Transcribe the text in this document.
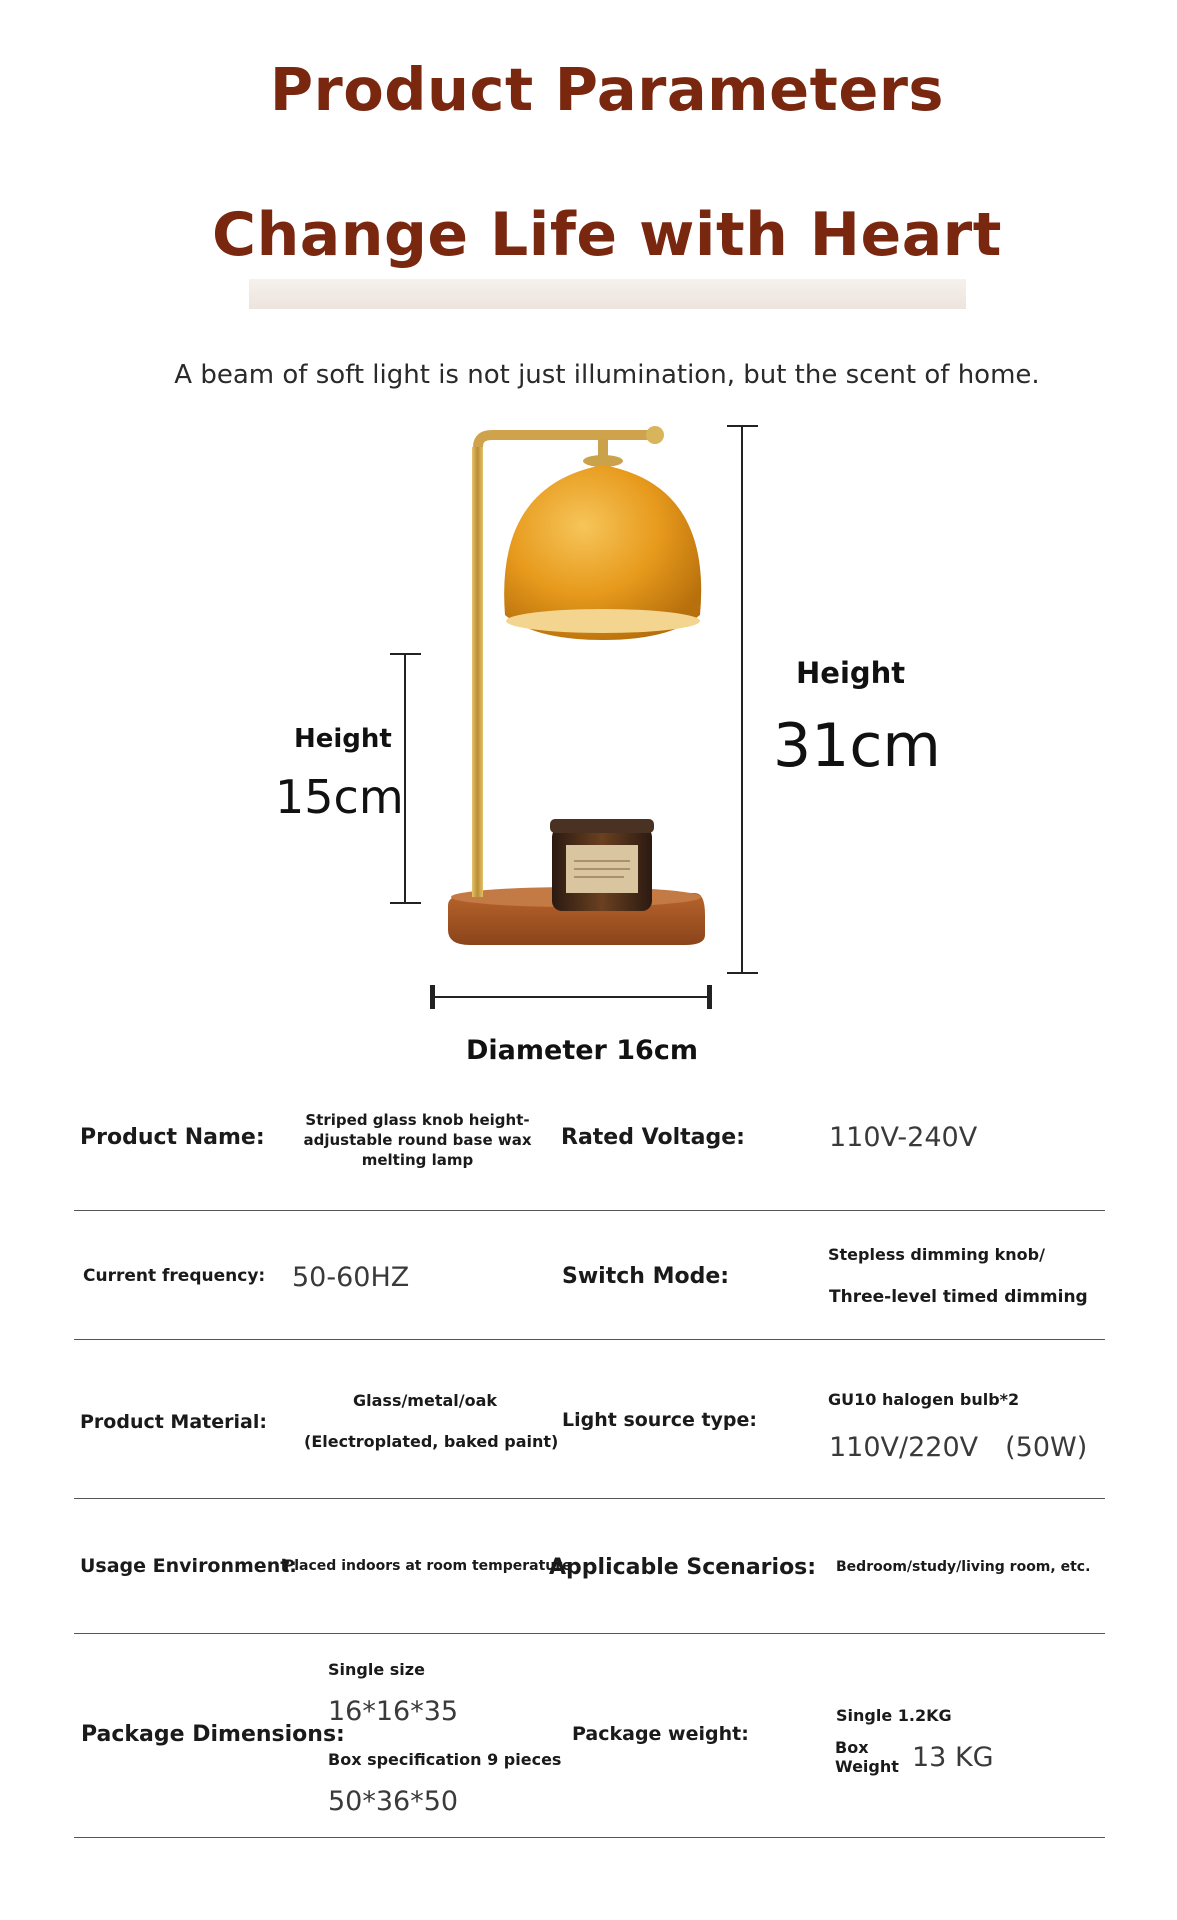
Product Parameters
Change Life with Heart
A beam of soft light is not just illumination, but the scent of home.
Height
15cm
Height
31cm
Diameter 16cm
Product Name:
Striped glass knob height-
adjustable round base wax
melting lamp
Rated Voltage:	110V-240V
Current frequency: 50-60HZ	Switch Mode:
Stepless dimming knob/
Three-level timed dimming
Product Material:
Glass/metal/oak
(Electroplated, baked paint)
Light source type:
GU10 halogen bulb*2
110V/220V　(50W)
Usage Environment:
Placed indoors at room temperature
Applicable Scenarios: Bedroom/study/living room, etc.
Package Dimensions:
Single size
16*16*35
Box specification 9 pieces
50*36*50
Package weight:
Single 1.2KG
Box
Weight 13 KG
